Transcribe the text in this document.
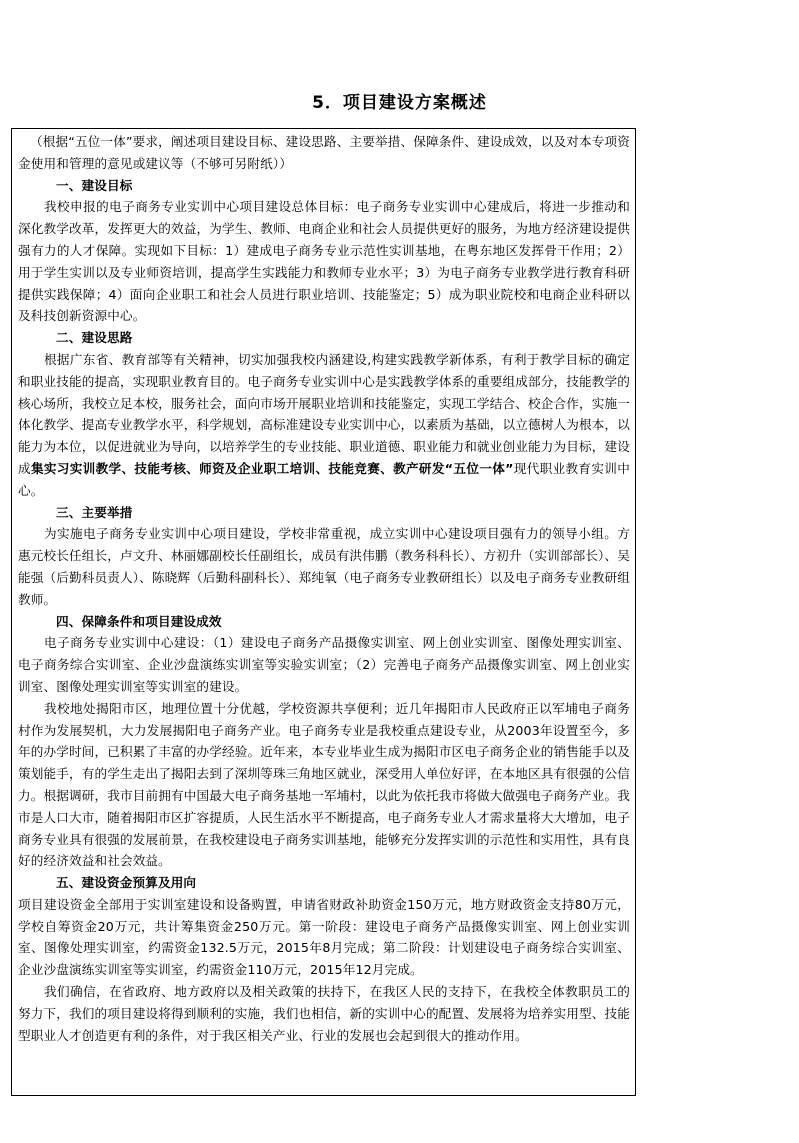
5．项目建设方案概述

（根据“五位一体”要求，阐述项目建设目标、建设思路、主要举措、保障条件、建设成效，以及对本专项资金使用和管理的意见或建议等（不够可另附纸））

一、建设目标

我校申报的电子商务专业实训中心项目建设总体目标：电子商务专业实训中心建成后，将进一步推动和深化教学改革，发挥更大的效益，为学生、教师、电商企业和社会人员提供更好的服务，为地方经济建设提供强有力的人才保障。实现如下目标：1）建成电子商务专业示范性实训基地，在粤东地区发挥骨干作用；2）用于学生实训以及专业师资培训，提高学生实践能力和教师专业水平；3）为电子商务专业教学进行教育科研提供实践保障；4）面向企业职工和社会人员进行职业培训、技能鉴定；5）成为职业院校和电商企业科研以及科技创新资源中心。

二、建设思路

根据广东省、教育部等有关精神，切实加强我校内涵建设,构建实践教学新体系，有利于教学目标的确定和职业技能的提高，实现职业教育目的。电子商务专业实训中心是实践教学体系的重要组成部分，技能教学的核心场所，我校立足本校，服务社会，面向市场开展职业培训和技能鉴定，实现工学结合、校企合作，实施一体化教学、提高专业教学水平，科学规划，高标准建设专业实训中心，以素质为基础，以立德树人为根本，以能力为本位，以促进就业为导向，以培养学生的专业技能、职业道德、职业能力和就业创业能力为目标，建设成集实习实训教学、技能考核、师资及企业职工培训、技能竞赛、教产研发“五位一体”现代职业教育实训中心。

三、主要举措

为实施电子商务专业实训中心项目建设，学校非常重视，成立实训中心建设项目强有力的领导小组。方惠元校长任组长，卢文升、林丽娜副校长任副组长，成员有洪伟鹏（教务科科长）、方初升（实训部部长）、吴能强（后勤科员责人）、陈晓辉（后勤科副科长）、郑纯氧（电子商务专业教研组长）以及电子商务专业教研组教师。

四、保障条件和项目建设成效

电子商务专业实训中心建设：（1）建设电子商务产品摄像实训室、网上创业实训室、图像处理实训室、电子商务综合实训室、企业沙盘演练实训室等实验实训室；（2）完善电子商务产品摄像实训室、网上创业实训室、图像处理实训室等实训室的建设。

我校地处揭阳市区，地理位置十分优越，学校资源共享便利；近几年揭阳市人民政府正以军埔电子商务村作为发展契机，大力发展揭阳电子商务产业。电子商务专业是我校重点建设专业，从2003年设置至今，多年的办学时间，已积累了丰富的办学经验。近年来，本专业毕业生成为揭阳市区电子商务企业的销售能手以及策划能手，有的学生走出了揭阳去到了深圳等珠三角地区就业，深受用人单位好评，在本地区具有很强的公信力。根据调研，我市目前拥有中国最大电子商务基地一军埔村，以此为依托我市将做大做强电子商务产业。我市是人口大市，随着揭阳市区扩容提质，人民生活水平不断提高，电子商务专业人才需求量将大大增加，电子商务专业具有很强的发展前景，在我校建设电子商务实训基地，能够充分发挥实训的示范性和实用性，具有良好的经济效益和社会效益。

五、建设资金预算及用向

项目建设资金全部用于实训室建设和设备购置，申请省财政补助资金150万元，地方财政资金支持80万元，学校自筹资金20万元，共计筹集资金250万元。第一阶段：建设电子商务产品摄像实训室、网上创业实训室、图像处理实训室，约需资金132.5万元，2015年8月完成；第二阶段：计划建设电子商务综合实训室、企业沙盘演练实训室等实训室，约需资金110万元，2015年12月完成。

我们确信，在省政府、地方政府以及相关政策的扶持下，在我区人民的支持下，在我校全体教职员工的努力下，我们的项目建设将得到顺利的实施，我们也相信，新的实训中心的配置、发展将为培养实用型、技能型职业人才创造更有利的条件，对于我区相关产业、行业的发展也会起到很大的推动作用。
